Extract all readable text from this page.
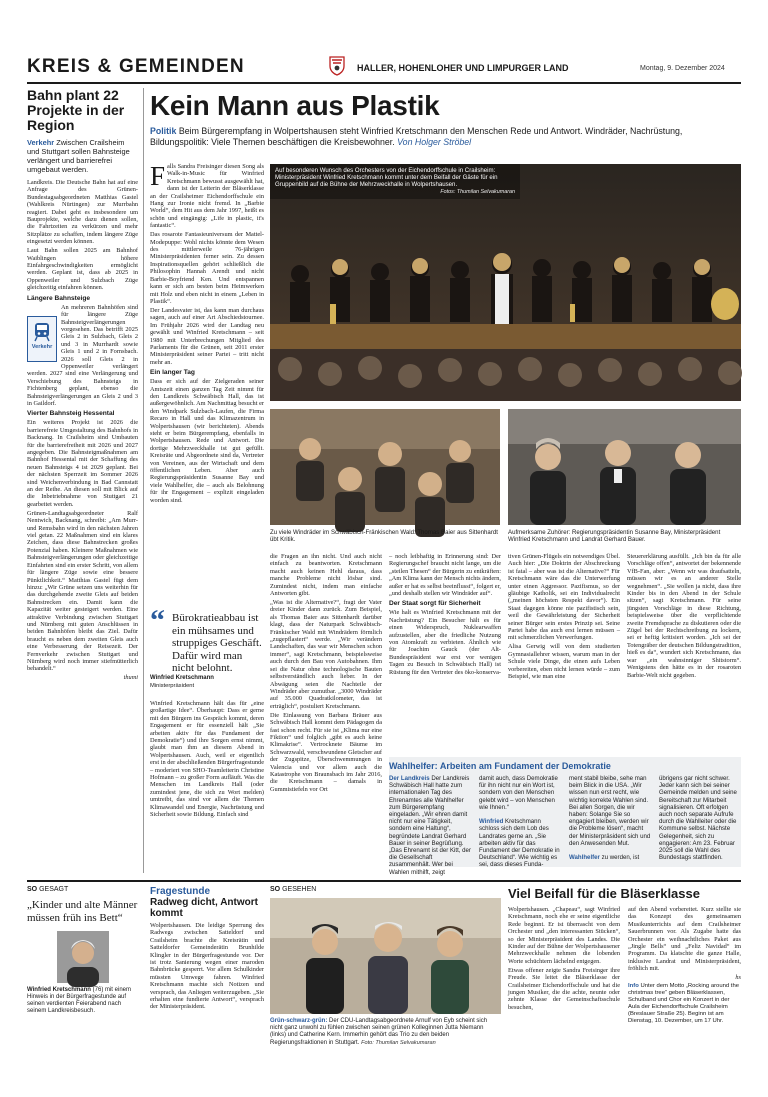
KREIS & GEMEINDEN	HALLER, HOHENLOHER UND LIMPURGER LAND	Montag, 9. Dezember 2024
Bahn plant 22 Projekte in der Region
Verkehr Zwischen Crailsheim und Stuttgart sollen Bahnsteige verlängert und barrierefrei umgebaut werden.

Landkreis. Die Deutsche Bahn hat auf eine Anfrage des Grünen-Bundestagsabgeordneten Matthias Gastel (Wahlkreis Nürtingen) zur Murrbahn reagiert. Dabei geht es insbesondere um Bauprojekte, welche dazu dienen sollen, die Fahrtzeiten zu verkürzen und mehr Sitzplätze zu schaffen, indem längere Züge eingesetzt werden können.

Laut Bahn sollen 2025 am Bahnhof Waiblingen höhere Einfahrgeschwindigkeiten ermöglicht werden. Geplant ist, dass ab 2025 in Oppenweiler und Sulzbach Züge gleichzeitig einfahren können.

Längere Bahnsteige
Verkehr

An mehreren Bahnhöfen sind für längere Züge Bahnsteigverlängerungen vorgesehen. Das betrifft 2025 Gleis 2 in Sulzbach, Gleis 2 und 3 in Murrhardt sowie Gleis 1 und 2 in Fornsbach. 2026 soll Gleis 2 in Oppenweiler verlängert werden. 2027 sind eine Verlängerung und Verschiebung des Bahnsteigs in Fichtenberg geplant, ebenso die Bahnsteigverlängerungen an Gleis 2 und 3 in Gaildorf.

Vierter Bahnsteig Hessental

Ein weiteres Projekt ist 2026 die barrierefreie Umgestaltung des Bahnhofs in Backnang. In Crailsheim sind Umbauten für die barrierefreiheit mit 2026 und 2027 angegeben. Die Bahnsteigmaßnahmen am Bahnhof Hessental mit der Schaffung des neuen Bahnsteigs 4 ist 2029 geplant. Bei der nächsten Sperrzeit im Sommer 2026 sind Weichenverbindung in Bad Cannstatt an der Reihe. An diesen soll mit Blick auf die Inbetriebnahme von Stuttgart 21 gearbeitet werden.

Grünen-Landtagsabgeordneter Ralf Nentwich, Backnang, schreibt: „Am Murr- und Remsbahn wird in den nächsten Jahren viel getan. 22 Maßnahmen sind ein klares Zeichen, dass diese Bahnstrecken großes Potenzial haben. Kleinere Maßnahmen wie Bahnsteigverlängerungen oder gleichzeitige Einfahrten sind ein erster Schritt, von allem für längere Züge sowie eine bessere Pünktlichkeit.“ Matthias Gastel fügt dem hinzu: „Wir Grüne setzen uns weiterhin für das durchgehende zweite Gleis auf beiden Bahnstrecken ein. Damit kann die Kapazität weiter gesteigert werden. Eine attraktive Verbindung zwischen Stuttgart und Nürnberg mit guten Anschlüssen in beiden Bahnhöfen bleibt das Ziel. Dafür braucht es neben dem zweiten Gleis auch eine Verbesserung der Reisezeit. Der Fernverkehr zwischen Stuttgart und Nürnberg wird noch immer stiefmütterlich behandelt.“

thumi

Kein Mann aus Plastik
Politik Beim Bürgerempfang in Wolpertshausen steht Winfried Kretschmann den Menschen Rede und Antwort. Windräder, Nachrüstung, Bildungspolitik: Viele Themen beschäftigen die Kreisbewohner. Von Holger Ströbel
F alls Sandra Freisinger diesen Song als Walk-in-Music für Winfried Kretschmann bewusst ausgewählt hat, dann ist der Leiterin der Bläserklasse an der Crailsheimer Eichendorffschule ein Hang zur Ironie nicht fremd. In „Barbie World“, dem Hit aus dem Jahr 1997, heißt es schön und eingängig: „Life in plastic, it's fantastic“.

Das rosarote Fantasieuniversum der Mattel-Modepuppe: Wohl nichts könnte dem Wesen des mittlerweile 76-jährigen Ministerpräsidenten ferner sein. Zu dessen Inspirationsquellen gehört schließlich die Philosophin Hannah Arendt und nicht Barbie-Boyfriend Ken. Und entspannen kann er sich am besten beim Heimwerken mit Holz und eben nicht in einem „Leben in Plastik“.

Der Landesvater ist, das kann man durchaus sagen, auch auf einer Art Abschiedstournee. Im Frühjahr 2026 wird der Landtag neu gewählt und Winfried Kretschmann – seit 1980 mit Unterbrechungen Mitglied des Parlaments für die Grünen, seit 2011 erster Ministerpräsident seiner Partei – tritt nicht mehr an.

Ein langer Tag

Dass er sich auf der Zielgeraden seiner Amtszeit einen ganzen Tag Zeit nimmt für den Landkreis Schwäbisch Hall, das ist außergewöhnlich. Am Nachmittag besucht er den Windpark Sulzbach-Laufen, die Firma Recaro in Hall und das Klimazentrum in Wolpertshausen (wir berichteten). Abends steht er beim Bürgerempfang, ebenfalls in Wolpertshausen. Rede und Antwort. Die dortige Mehrzweckhalle ist gut gefüllt. Kreisräte und Abgeordnete sind da, Vertreter von Vereinen, aus der Wirtschaft und dem öffentlichen Leben. Aber auch Regierungspräsidentin Susanne Bay und viele Wahlhelfer, die – auch als Belohnung für ihr Engagement – explizit eingeladen worden sind.

“ Bürokratieabbau ist ein mühsames und struppiges Geschäft. Dafür wird man nicht belohnt.
Winfried Kretschmann
Ministerpräsident

Winfried Kretschmann hält das für „eine großartige Idee“. Überhaupt: Dass er gerne mit den Bürgern ins Gespräch kommt, deren Engagement er für essenziell hält „Sie arbeiten aktiv für das Fundament der Demokratie“) und ihre Sorgen ernst nimmt, glaubt man ihm an diesem Abend in Wolpertshausen. Auch, weil er eigentlich erst in der abschließenden Bürgerfragestunde – moderiert von SHO-Teamleiterin Christine Hofmann – zu großer Form aufläuft. Was die Menschen im Landkreis Hall (oder zumindest jene, die sich zu Wort melden) umtreibt, das sind vor allem die Themen Klimawandel und Energie, Nachrüstung und Sicherheit sowie Bildung. Einfach sind

Auf besonderen Wunsch des Orchesters von der Eichendorffschule in Crailsheim: Ministerpräsident Winfried Kretschmann kommt unter dem Beifall der Gäste für ein Gruppenbild auf die Bühne der Mehrzweckhalle in Wolpertshausen.
Fotos: Thumilan Selvakumaran
Zu viele Windräder im Schwäbisch-Fränkischen Wald: Thomas Baier aus Sittenhardt übt Kritik.
Aufmerksame Zuhörer: Regierungspräsidentin Susanne Bay, Ministerpräsident Winfried Kretschmann und Landrat Gerhard Bauer.

die Fragen an ihn nicht. Und auch nicht einfach zu beantworten. Kretschmann macht auch keinen Hehl daraus, dass manche Probleme nicht lösbar sind. Zumindest nicht, indem man einfache Antworten gibt.

„Was ist die Alternative?“, fragt der Vater dreier Kinder dann zurück. Zum Beispiel, als Thomas Baier aus Sittenhardt darüber klagt, dass der Naturpark Schwäbisch-Fränkischer Wald mit Windrädern förmlich „zugepflastert“ werde. „Wir verändern Landschaften, das war wir Menschen schon immer“, sagt Kretschmann, beispielsweise auch durch den Bau von Autobahnen. Ihm sei die Natur ohne technologische Bauten selbstverständlich auch lieber. In der Abwägung seien die Nachteile der Windräder aber zumutbar. „3000 Windräder auf 35.000 Quadratkilometer, das ist erträglich“, postuliert Kretschmann.

Die Einlassung von Barbara Bräuer aus Schwäbisch Hall kommt dem Pädagogen da fast schon recht. Für sie ist „Klima nur eine Fiktion“ und folglich „gibt es auch keine Klimakrise“. Vertrocknete Bäume im Schwarzwald, verschwundene Gletscher auf der Zugspitze, Überschwemmungen in Valencia und vor allem auch die Katastrophe von Braunsbach im Jahr 2016, die Kretschmann – damals in Gummistiefeln vor Ort

– noch leibhaftig in Erinnerung sind: Der Regierungschef braucht nicht lange, um die „steilen Thesen“ der Bürgerin zu entkräften: „Am Klima kann der Mensch nichts ändern, außer er hat es selbst beeinflusst“, folgert er, „und deshalb stellen wir Windräder auf“.

Der Staat sorgt für Sicherheit

Wie halt es Winfried Kretschmann mit der Nachrüstung? Ein Besucher hält es für einen Widerspruch, Nuklearwaffen aufzustellen, aber die friedliche Nutzung von Atomkraft zu verbieten. Ähnlich wie für Joachim Gauck (der Alt-Bundespräsident war erst vor wenigen Tagen zu Besuch in Schwäbisch Hall) ist Rüstung für den Vertreter des öko-konserva-

tiven Grünen-Flügels ein notwendiges Übel. Auch hier: „Die Doktrin der Abschreckung ist fatal – aber was ist die Alternative?“ Für Kretschmann wäre das die Unterwerfung unter einen Aggressor. Pazifismus, so der gläubige Katholik, sei ein Individualrecht („meinen höchsten Respekt davor“). Ein Staat dagegen könne nie pazifistisch sein, weil die Gewährleistung der Sicherheit seiner Bürger sein erstes Prinzip sei. Seine Partei habe das auch erst lernen müssen – mit schmerzlichen Verwerfungen.

Alisa Gerwig will von dem studierten Gymnasiallehrer wissen, warum man in der Schule viele Dinge, die einen aufs Leben vorbereiten, eben nicht lernen würde – zum Beispiel, wie man eine

Steuererklärung ausfüllt. „Ich bin da für alle Vorschläge offen“, antwortet der bekennende VfB-Fan, aber: „Wenn wir was draufsatteln, müssen wir es an anderer Stelle wegnehmen“. „Sie wollen ja nicht, dass ihre Kinder bis in den Abend in der Schule sitzen“, sagt Kretschmann. Für seine jüngsten Vorschläge in diese Richtung, beispielsweise über die verpflichtende zweite Fremdsprache zu diskutieren oder die Zügel bei der Rechtschreibung zu lockern, sei er heftig kritisiert worden. „Ich sei der Totengräber der deutschen Bildungstradition, hieß es da“, wundert sich Kretschmann, das war „ein wahnsinniger Shitstorm“. Wenigstens den hätte es in der rosaroten Barbie-Welt nicht gegeben.

Wahlhelfer: Arbeiten am Fundament der Demokratie
Der Landkreis Der Landkreis Schwäbisch Hall hatte zum internationalen Tag des Ehrenamtes alle Wahlhelfer zum Bürgerempfang eingeladen. „Wir ehren damit nicht nur eine Tätigkeit, sondern eine Haltung“, begründete Landrat Gerhard Bauer in seiner Begrüßung. „Das Ehrenamt ist der Kitt, der die Gesellschaft zusammenhält. Wer bei Wahlen mithilft, zeigt
damit auch, dass Demokratie für ihn nicht nur ein Wort ist, sondern von den Menschen gelebt wird – von Menschen wie Ihnen.“

Winfried Kretschmann schloss sich dem Lob des Landrates gerne an. „Sie arbeiten aktiv für das Fundament der Demokratie in Deutschland“. Wie wichtig es sei, dass dieses Funda-
ment stabil bleibe, sehe man beim Blick in die USA. „Wir wissen nun erst recht, wie wichtig korrekte Wahlen sind. Bei allen Sorgen, die wir haben: Solange Sie so engagiert bleiben, werden wir die Probleme lösen“, macht der Ministerpräsident sich und den Anwesenden Mut.

Wahlhelfer zu werden, ist
übrigens gar nicht schwer. Jeder kann sich bei seiner Gemeinde melden und seine Bereitschaft zur Mitarbeit signalisieren. Oft erfolgen auch noch separate Aufrufe durch die Wahlleiter oder die Kommune selbst. Nächste Gelegenheit, sich zu engagieren: Am 23. Februar 2025 soll die Wahl des Bundestags stattfinden.
SO GESAGT
„Kinder und alte Männer müssen früh ins Bett“
Winfried Kretschmann (76) mit einem Hinweis in der Bürgerfragestunde auf seinen verdienten Feierabend nach seinem Landkreisbesuch.
Fragestunde
Radweg dicht, Antwort kommt

Wolpertshausen. Die leidige Sperrung des Radwegs zwischen Satteldorf und Crailsheim brachte die Kreisrätin und Satteldorfer Gemeinderätin Brunhilde Klingler in der Bürgerfragestunde vor. Der ist trotz Sanierung wegen einer maroden Bahnbrücke gesperrt. Vor allem Schulkinder müssten Umwege fahren. Winfried Kretschmann machte sich Notizen und versprach, das Anliegen weiterzugeben. „Sie erhalten eine fundierte Antwort“, versprach der Ministerpräsident.

SO GESEHEN
Grün-schwarz-grün: Der CDU-Landtagsabgeordnete Arnulf von Eyb scheint sich nicht ganz unwohl zu fühlen zwischen seinen grünen Kolleginnen Jutta Niemann (links) und Catherine Kern. Immerhin gehört das Trio zu den beiden Regierungsfraktionen in Stuttgart. Foto: Thumilan Selvakumaran
Viel Beifall für die Bläserklasse

Wolpertshausen. „Chapeau“, sagt Winfried Kretschmann, noch ehe er seine eigentliche Rede beginnt. Er ist überrascht von dem Orchester und „den interessanten Stücken“, so der Ministerpräsident des Landes. Die Kinder auf der Bühne der Wolpertshausener Mehrzweckhalle nehmen die lobenden Worte schüchtern lächelnd entgegen.

Etwas offener zeigte Sandra Freisinger ihre Freude. Sie leitet die Bläserklasse der Crailsheimer Eichendorffschule und hat die jungen Musiker, die die achte, neunte oder zehnte Klasse der Gemeinschaftsschule besuchen,

auf den Abend vorbereitet. Kurz stellte sie das Konzept des gemeinsamen Musikunterrichts auf dem Crailsheimer Sauerbrunnen vor. Als Zugabe hatte das Orchester ein weihnachtliches Paket aus „Jingle Bells“ und „Feliz Navidad“ im Programm. Da klatschte die ganze Halle, inklusive Landrat und Ministerpräsident, fröhlich mit.

hs

Info Unter dem Motto „Rocking around the christmas tree“ geben Bläserklassen, Schulband und Chor ein Konzert in der Aula der Eichendorffschule Crailsheim (Breslauer Straße 25). Beginn ist am Dienstag, 10. Dezember, um 17 Uhr.
